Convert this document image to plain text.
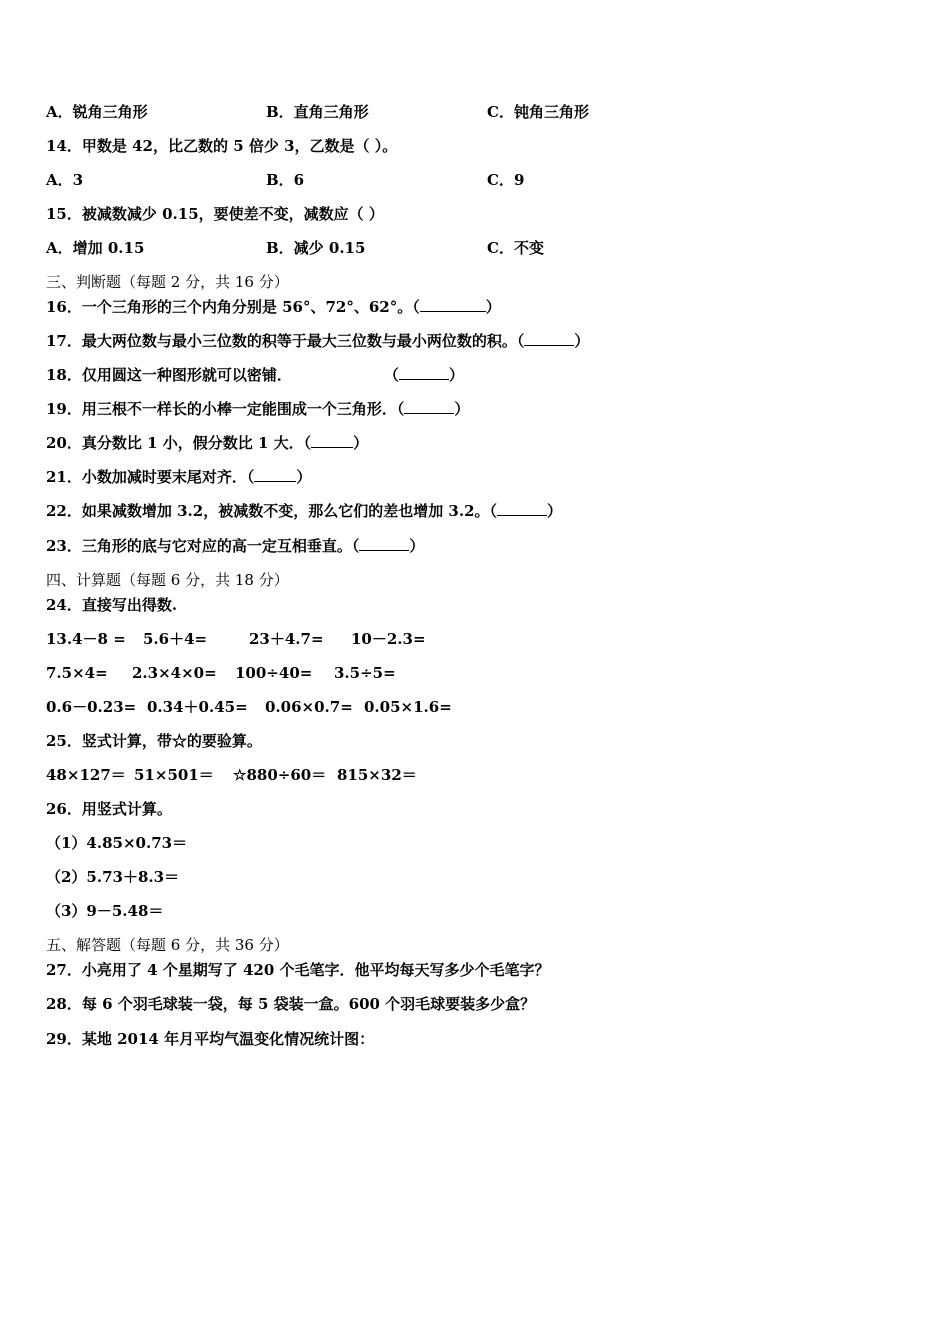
A．锐角三角形	B．直角三角形	C．钝角三角形
14．甲数是 42，比乙数的 5 倍少 3，乙数是（ ）。
A．3	B．6	C．9
15．被减数减少 0.15，要使差不变，减数应（ ）
A．增加 0.15	B．减少 0.15	C．不变
三、判断题（每题 2 分，共 16 分）
16．一个三角形的三个内角分别是 56°、72°、62°。（	）
17．最大两位数与最小三位数的积等于最大三位数与最小两位数的积。（	）
18．仅用圆这一种图形就可以密铺．	（	）
19．用三根不一样长的小棒一定能围成一个三角形．（	）
20．真分数比 1 小，假分数比 1 大．（	）
21．小数加减时要末尾对齐．（	）
22．如果减数增加 3.2，被减数不变，那么它们的差也增加 3.2。（	）
23．三角形的底与它对应的高一定互相垂直。（	）
四、计算题（每题 6 分，共 18 分）
24．直接写出得数.
13.4－8 = 5.6＋4=	23＋4.7= 10－2.3=
7.5×4= 2.3×4×0= 100÷40= 3.5÷5=
0.6－0.23= 0.34＋0.45= 0.06×0.7= 0.05×1.6=
25．竖式计算，带☆的要验算。
48×127＝ 51×501＝ ☆880÷60＝ 815×32＝
26．用竖式计算。
（1）4.85×0.73＝
（2）5.73＋8.3＝
（3）9－5.48＝
五、解答题（每题 6 分，共 36 分）
27．小亮用了 4 个星期写了 420 个毛笔字．他平均每天写多少个毛笔字？
28．每 6 个羽毛球装一袋，每 5 袋装一盒。600 个羽毛球要装多少盒？
29．某地 2014 年月平均气温变化情况统计图：
